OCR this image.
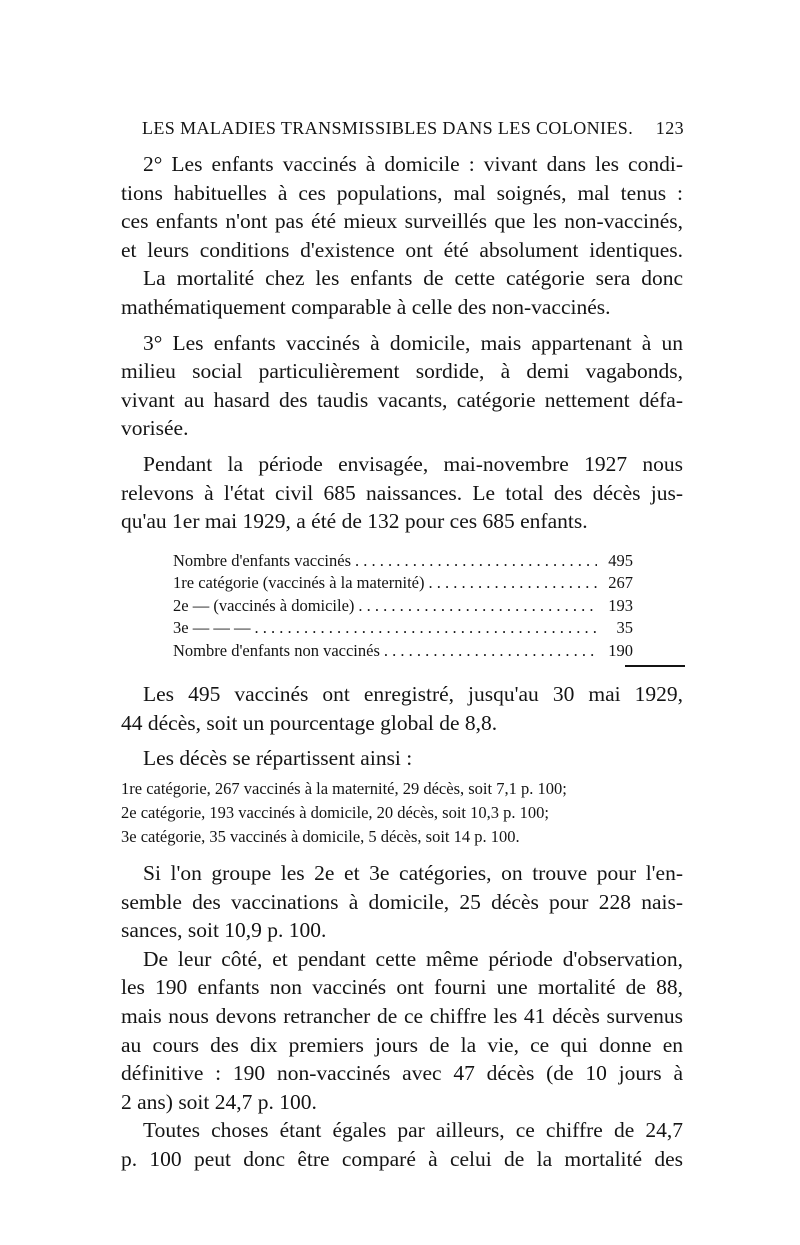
LES MALADIES TRANSMISSIBLES DANS LES COLONIES. 123

2° Les enfants vaccinés à domicile : vivant dans les condi-

tions habituelles à ces populations, mal soignés, mal tenus :

ces enfants n'ont pas été mieux surveillés que les non-vaccinés,

et leurs conditions d'existence ont été absolument identiques.

La mortalité chez les enfants de cette catégorie sera donc

mathématiquement comparable à celle des non-vaccinés.

3° Les enfants vaccinés à domicile, mais appartenant à un

milieu social particulièrement sordide, à demi vagabonds,

vivant au hasard des taudis vacants, catégorie nettement défa-

vorisée.

Pendant la période envisagée, mai-novembre 1927 nous

relevons à l'état civil 685 naissances. Le total des décès jus-

qu'au 1er mai 1929, a été de 132 pour ces 685 enfants.

Nombre d'enfants vaccinés . . .	495
1re catégorie (vaccinés à la maternité) . . .	267
2e — (vaccinés à domicile) . . .	193
3e — — — . . .	35
Nombre d'enfants non vaccinés . . .	190

Les 495 vaccinés ont enregistré, jusqu'au 30 mai 1929,

44 décès, soit un pourcentage global de 8,8.

Les décès se répartissent ainsi :

1re catégorie, 267 vaccinés à la maternité, 29 décès, soit 7,1 p. 100;

2e catégorie, 193 vaccinés à domicile, 20 décès, soit 10,3 p. 100;

3e catégorie, 35 vaccinés à domicile, 5 décès, soit 14 p. 100.

Si l'on groupe les 2e et 3e catégories, on trouve pour l'en-

semble des vaccinations à domicile, 25 décès pour 228 nais-

sances, soit 10,9 p. 100.

De leur côté, et pendant cette même période d'observation,

les 190 enfants non vaccinés ont fourni une mortalité de 88,

mais nous devons retrancher de ce chiffre les 41 décès survenus

au cours des dix premiers jours de la vie, ce qui donne en

définitive : 190 non-vaccinés avec 47 décès (de 10 jours à

2 ans) soit 24,7 p. 100.

Toutes choses étant égales par ailleurs, ce chiffre de 24,7

p. 100 peut donc être comparé à celui de la mortalité des
